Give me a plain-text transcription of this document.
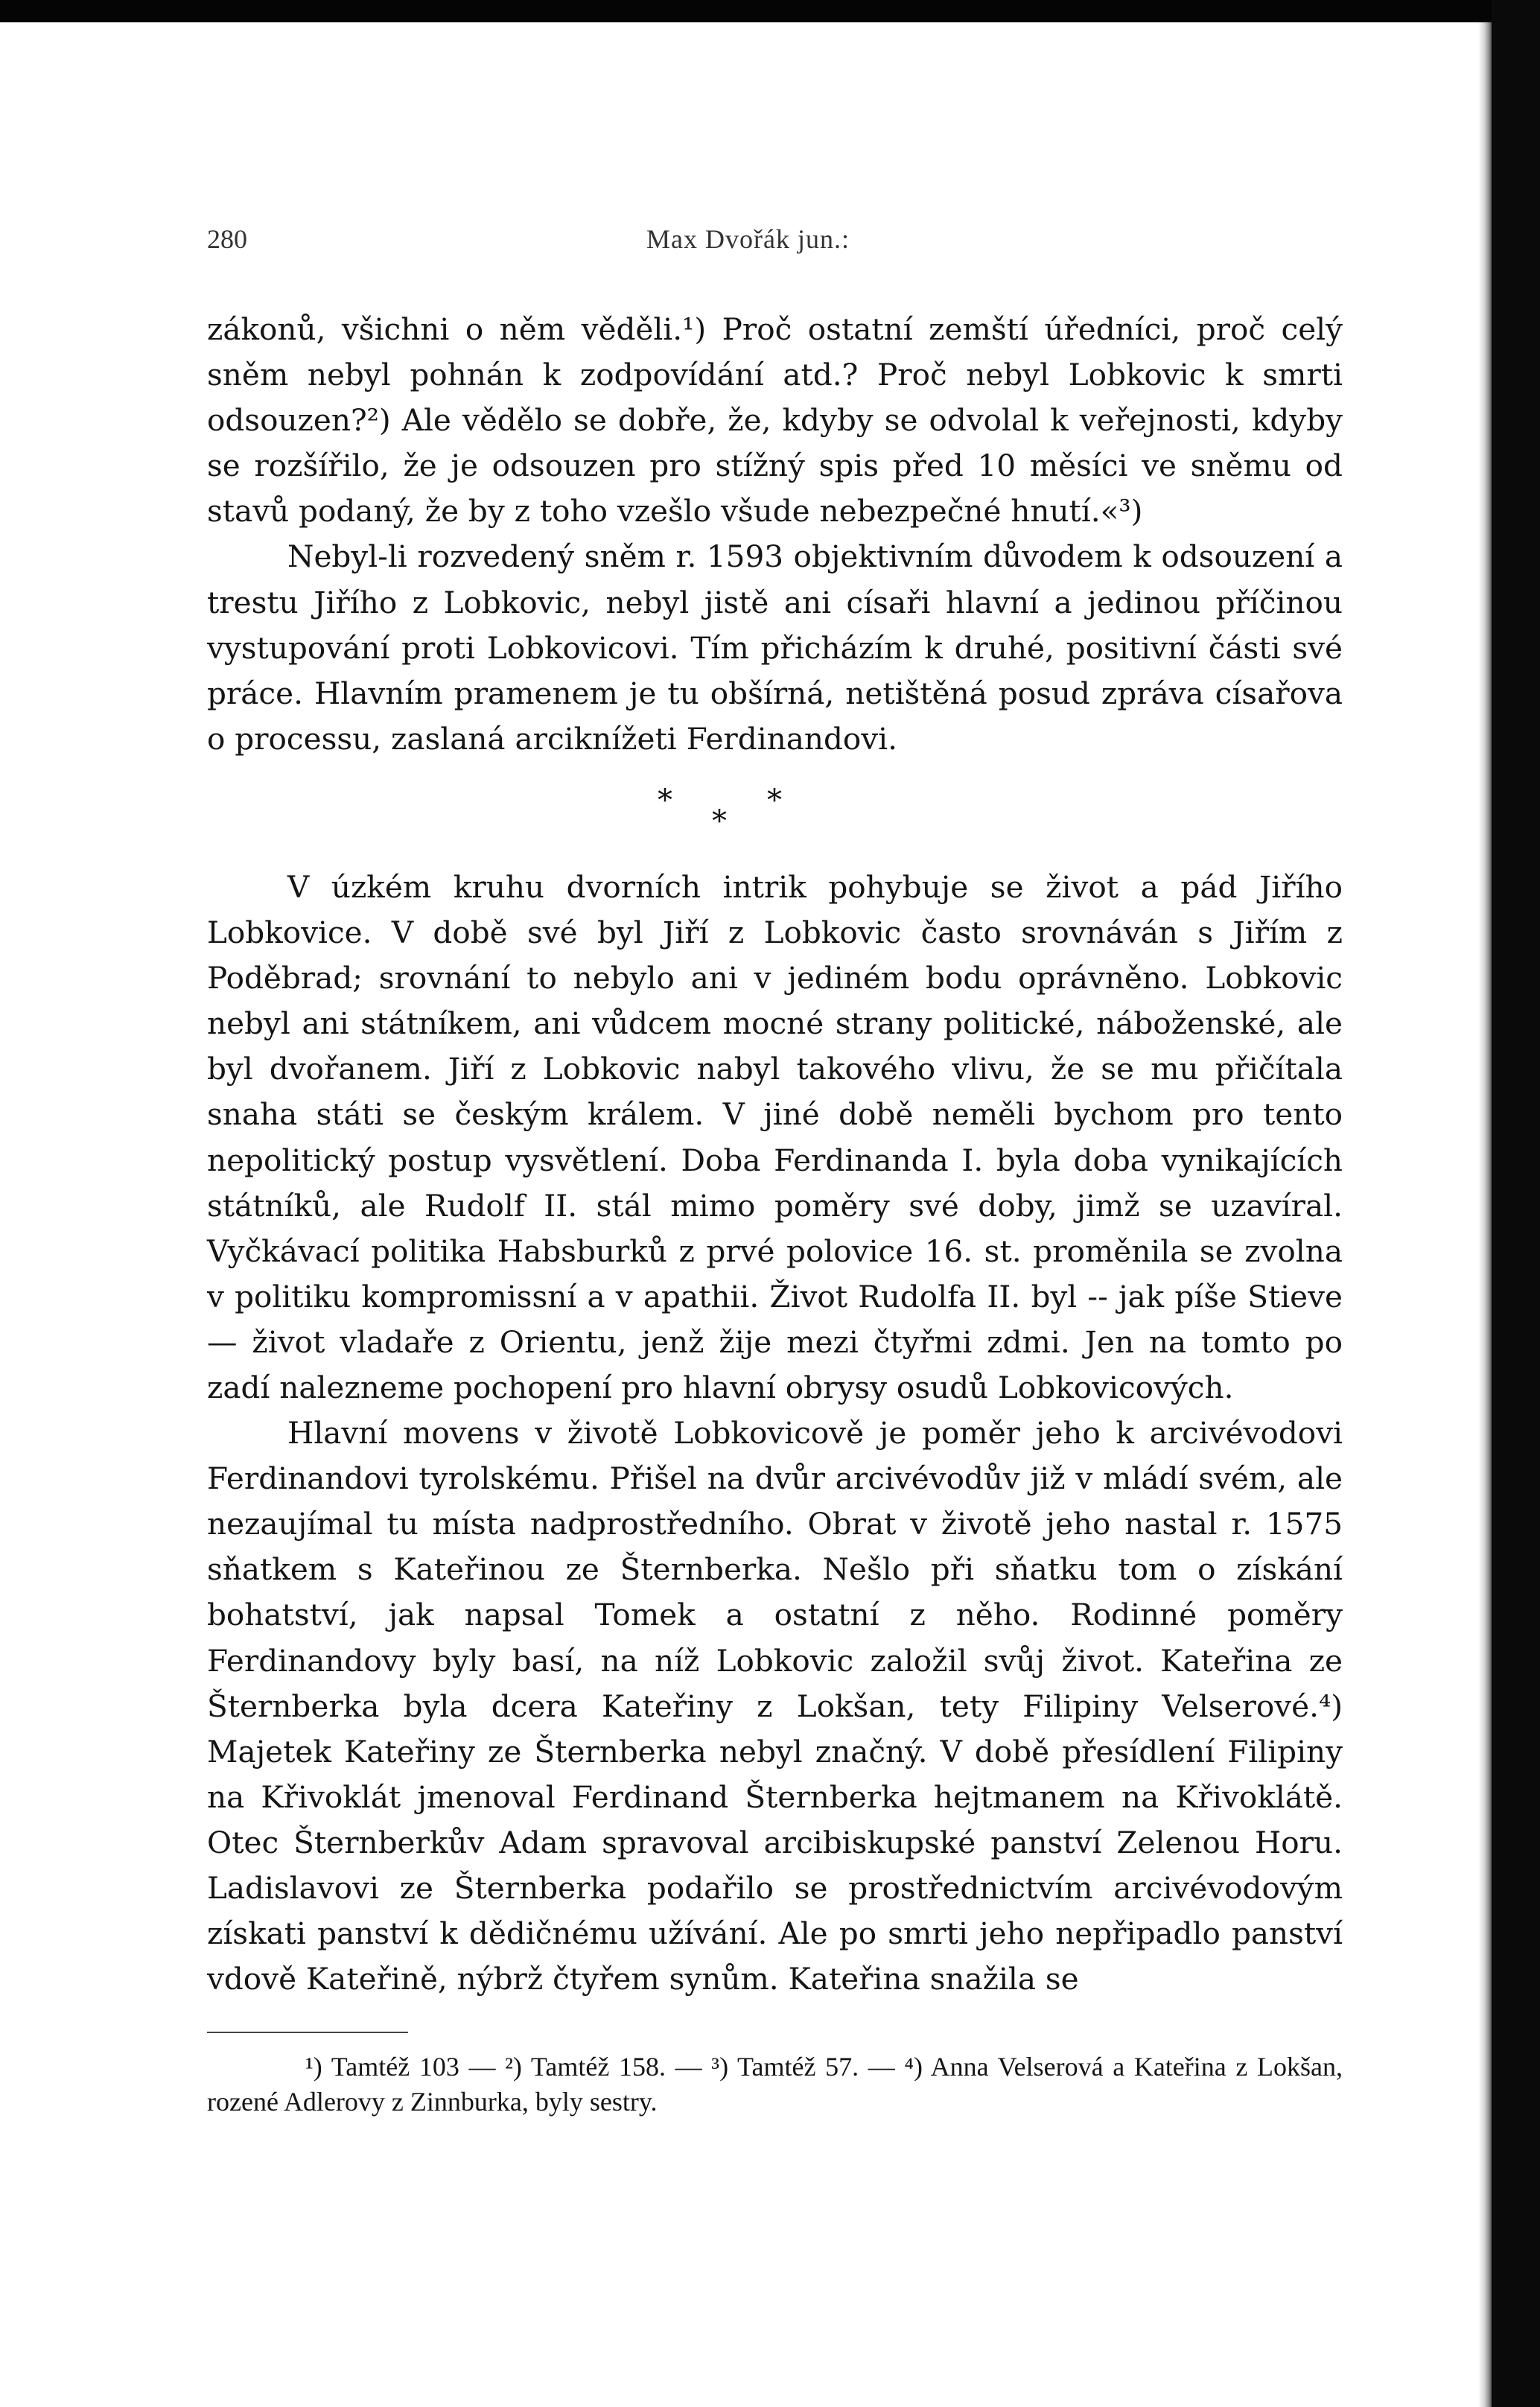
280	Max Dvořák jun.:

zákonů, všichni o něm věděli.¹) Proč ostatní zemští úředníci, proč celý sněm nebyl pohnán k zodpovídání atd.? Proč nebyl Lobkovic k smrti odsouzen?²) Ale vědělo se dobře, že, kdyby se odvolal k veřejnosti, kdyby se rozšířilo, že je odsouzen pro stížný spis před 10 měsíci ve sněmu od stavů podaný, že by z toho vzešlo všude nebezpečné hnutí.«³)

Nebyl-li rozvedený sněm r. 1593 objektivním důvodem k odsouzení a trestu Jiřího z Lobkovic, nebyl jistě ani císaři hlavní a jedinou příčinou vystupování proti Lobkovicovi. Tím přicházím k druhé, positivní části své práce. Hlavním pramenem je tu obšírná, netištěná posud zpráva císařova o processu, zaslaná arciknížeti Ferdinandovi.

*	*
*

V úzkém kruhu dvorních intrik pohybuje se život a pád Jiřího Lobkovice. V době své byl Jiří z Lobkovic často srovnáván s Jiřím z Poděbrad; srovnání to nebylo ani v jediném bodu oprávněno. Lobkovic nebyl ani státníkem, ani vůdcem mocné strany politické, náboženské, ale byl dvořanem. Jiří z Lobkovic nabyl takového vlivu, že se mu přičítala snaha státi se českým králem. V jiné době neměli bychom pro tento nepolitický postup vysvětlení. Doba Ferdinanda I. byla doba vynikajících státníků, ale Rudolf II. stál mimo poměry své doby, jimž se uzavíral. Vyčkávací politika Habsburků z prvé polovice 16. st. proměnila se zvolna v politiku kompromissní a v apathii. Život Rudolfa II. byl -- jak píše Stieve — život vladaře z Orientu, jenž žije mezi čtyřmi zdmi. Jen na tomto po zadí nalezneme pochopení pro hlavní obrysy osudů Lobkovicových.

Hlavní movens v životě Lobkovicově je poměr jeho k arcivévodovi Ferdinandovi tyrolskému. Přišel na dvůr arcivévodův již v mládí svém, ale nezaujímal tu místa nadprostředního. Obrat v životě jeho nastal r. 1575 sňatkem s Kateřinou ze Šternberka. Nešlo při sňatku tom o získání bohatství, jak napsal Tomek a ostatní z něho. Rodinné poměry Ferdinandovy byly basí, na níž Lobkovic založil svůj život. Kateřina ze Šternberka byla dcera Kateřiny z Lokšan, tety Filipiny Velserové.⁴) Majetek Kateřiny ze Šternberka nebyl značný. V době přesídlení Filipiny na Křivoklát jmenoval Ferdinand Šternberka hejtmanem na Křivoklátě. Otec Šternberkův Adam spravoval arcibiskupské panství Zelenou Horu. Ladislavovi ze Šternberka podařilo se prostřednictvím arcivévodovým získati panství k dědičnému užívání. Ale po smrti jeho nepřipadlo panství vdově Kateřině, nýbrž čtyřem synům. Kateřina snažila se

¹) Tamtéž 103 — ²) Tamtéž 158. — ³) Tamtéž 57. — ⁴) Anna Velserová a Kateřina z Lokšan, rozené Adlerovy z Zinnburka, byly sestry.
